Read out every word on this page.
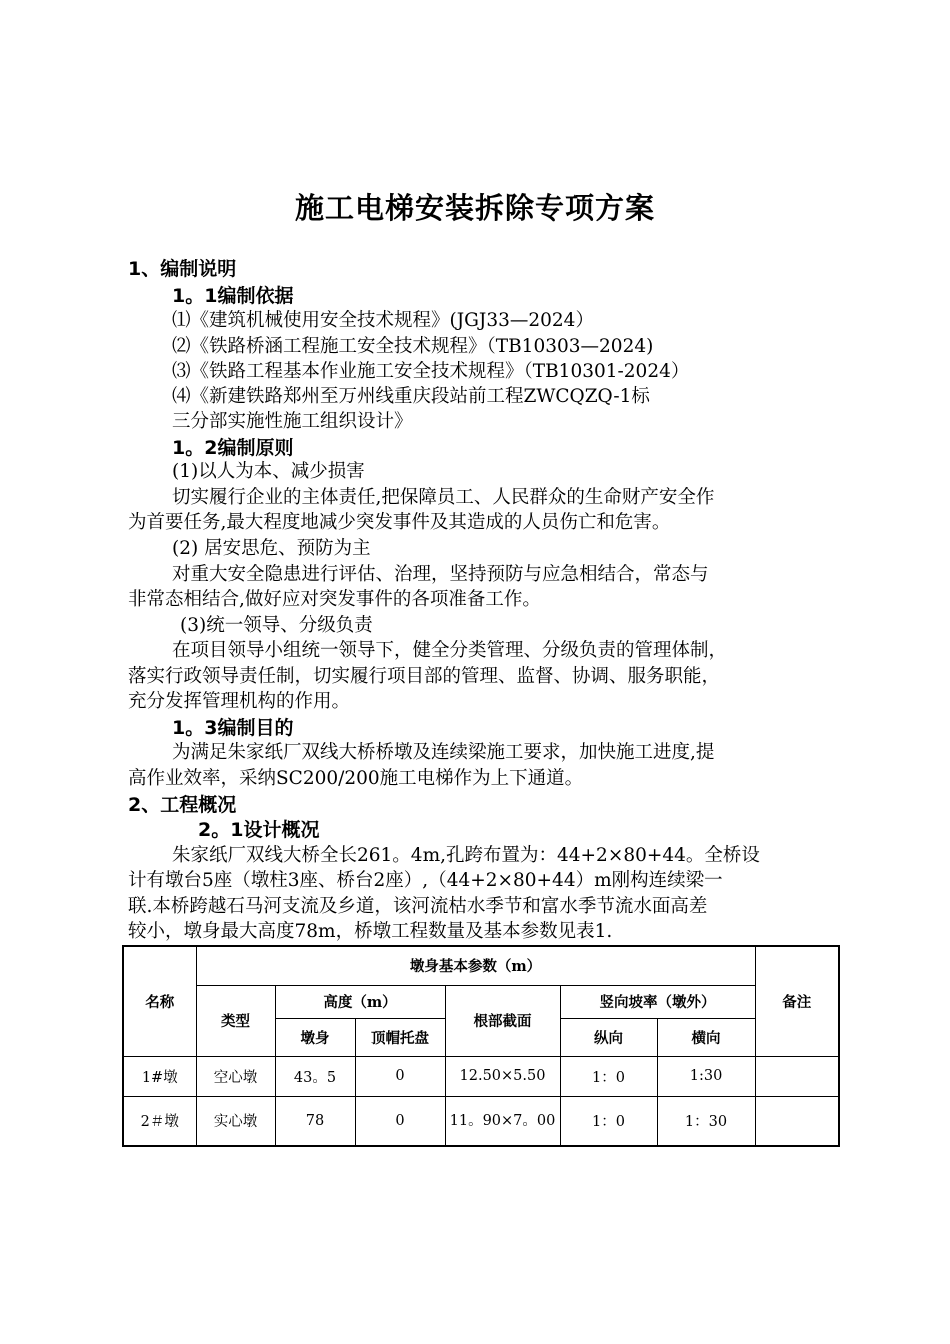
施工电梯安装拆除专项方案
1、编制说明
1。1编制依据
⑴《建筑机械使用安全技术规程》(JGJ33—2024）
⑵《铁路桥涵工程施工安全技术规程》（TB10303—2024)
⑶《铁路工程基本作业施工安全技术规程》（TB10301-2024）
⑷《新建铁路郑州至万州线重庆段站前工程ZWCQZQ-1标
三分部实施性施工组织设计》
1。2编制原则
(1)以人为本、减少损害
切实履行企业的主体责任,把保障员工、人民群众的生命财产安全作
为首要任务,最大程度地减少突发事件及其造成的人员伤亡和危害。
(2) 居安思危、预防为主
对重大安全隐患进行评估、治理，坚持预防与应急相结合，常态与
非常态相结合,做好应对突发事件的各项准备工作。
(3)统一领导、分级负责
在项目领导小组统一领导下，健全分类管理、分级负责的管理体制，
落实行政领导责任制，切实履行项目部的管理、监督、协调、服务职能，
充分发挥管理机构的作用。
1。3编制目的
为满足朱家纸厂双线大桥桥墩及连续梁施工要求，加快施工进度,提
高作业效率，采纳SC200/200施工电梯作为上下通道。
2、工程概况
2。1设计概况
朱家纸厂双线大桥全长261。4m,孔跨布置为：44+2×80+44。全桥设
计有墩台5座（墩柱3座、桥台2座）,（44+2×80+44）m刚构连续梁一
联.本桥跨越石马河支流及乡道，该河流枯水季节和富水季节流水面高差
较小，墩身最大高度78m，桥墩工程数量及基本参数见表1.
名称	墩身基本参数（m）						备注
	类型	高度（m）		根部截面	竖向坡率（墩外）		
		墩身	顶帽托盘		纵向	横向	
1#墩	空心墩	43。5	0	12.50×5.50	1：0	1:30	
2＃墩	实心墩	78	0	11。90×7。00	1：0	1：30	
